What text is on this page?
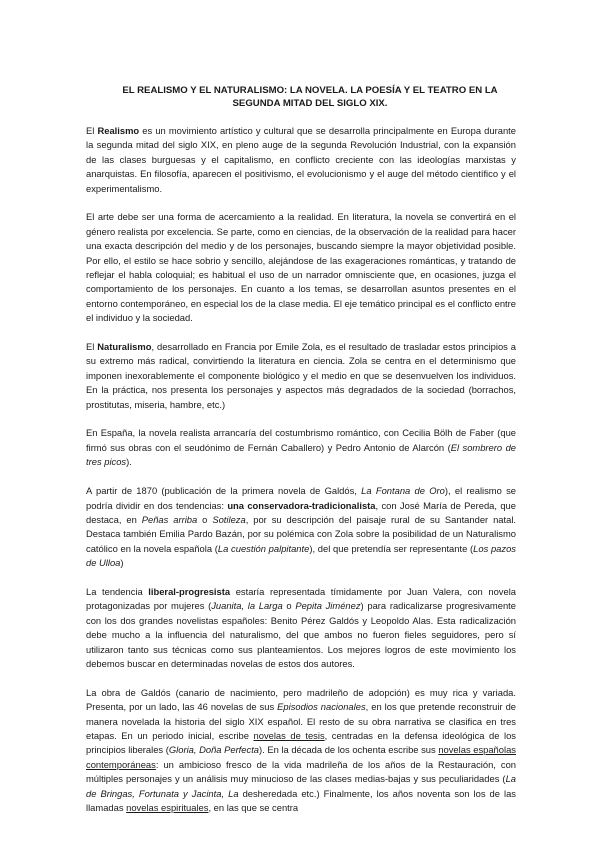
EL REALISMO Y EL NATURALISMO: LA NOVELA. LA POESÍA Y EL TEATRO EN LA SEGUNDA MITAD DEL SIGLO XIX.

El Realismo es un movimiento artístico y cultural que se desarrolla principalmente en Europa durante la segunda mitad del siglo XIX, en pleno auge de la segunda Revolución Industrial, con la expansión de las clases burguesas y el capitalismo, en conflicto creciente con las ideologías marxistas y anarquistas. En filosofía, aparecen el positivismo, el evolucionismo y el auge del método científico y el experimentalismo.

El arte debe ser una forma de acercamiento a la realidad. En literatura, la novela se convertirá en el género realista por excelencia. Se parte, como en ciencias, de la observación de la realidad para hacer una exacta descripción del medio y de los personajes, buscando siempre la mayor objetividad posible. Por ello, el estilo se hace sobrio y sencillo, alejándose de las exageraciones románticas, y tratando de reflejar el habla coloquial; es habitual el uso de un narrador omnisciente que, en ocasiones, juzga el comportamiento de los personajes. En cuanto a los temas, se desarrollan asuntos presentes en el entorno contemporáneo, en especial los de la clase media. El eje temático principal es el conflicto entre el individuo y la sociedad.

El Naturalismo, desarrollado en Francia por Emile Zola, es el resultado de trasladar estos principios a su extremo más radical, convirtiendo la literatura en ciencia. Zola se centra en el determinismo que imponen inexorablemente el componente biológico y el medio en que se desenvuelven los individuos. En la práctica, nos presenta los personajes y aspectos más degradados de la sociedad (borrachos, prostitutas, miseria, hambre, etc.)

En España, la novela realista arrancaría del costumbrismo romántico, con Cecilia Bölh de Faber (que firmó sus obras con el seudónimo de Fernán Caballero) y Pedro Antonio de Alarcón (El sombrero de tres picos).

A partir de 1870 (publicación de la primera novela de Galdós, La Fontana de Oro), el realismo se podría dividir en dos tendencias: una conservadora-tradicionalista, con José María de Pereda, que destaca, en Peñas arriba o Sotileza, por su descripción del paisaje rural de su Santander natal. Destaca también Emilia Pardo Bazán, por su polémica con Zola sobre la posibilidad de un Naturalismo católico en la novela española (La cuestión palpitante), del que pretendía ser representante (Los pazos de Ulloa)

La tendencia liberal-progresista estaría representada tímidamente por Juan Valera, con novela protagonizadas por mujeres (Juanita, la Larga o Pepita Jiménez) para radicalizarse progresivamente con los dos grandes novelistas españoles: Benito Pérez Galdós y Leopoldo Alas. Esta radicalización debe mucho a la influencia del naturalismo, del que ambos no fueron fieles seguidores, pero sí utilizaron tanto sus técnicas como sus planteamientos. Los mejores logros de este movimiento los debemos buscar en determinadas novelas de estos dos autores.

La obra de Galdós (canario de nacimiento, pero madrileño de adopción) es muy rica y variada. Presenta, por un lado, las 46 novelas de sus Episodios nacionales, en los que pretende reconstruir de manera novelada la historia del siglo XIX español. El resto de su obra narrativa se clasifica en tres etapas. En un periodo inicial, escribe novelas de tesis, centradas en la defensa ideológica de los principios liberales (Gloria, Doña Perfecta). En la década de los ochenta escribe sus novelas españolas contemporáneas: un ambicioso fresco de la vida madrileña de los años de la Restauración, con múltiples personajes y un análisis muy minucioso de las clases medias-bajas y sus peculiaridades (La de Bringas, Fortunata y Jacinta, La desheredada etc.) Finalmente, los años noventa son los de las llamadas novelas espirituales, en las que se centra
